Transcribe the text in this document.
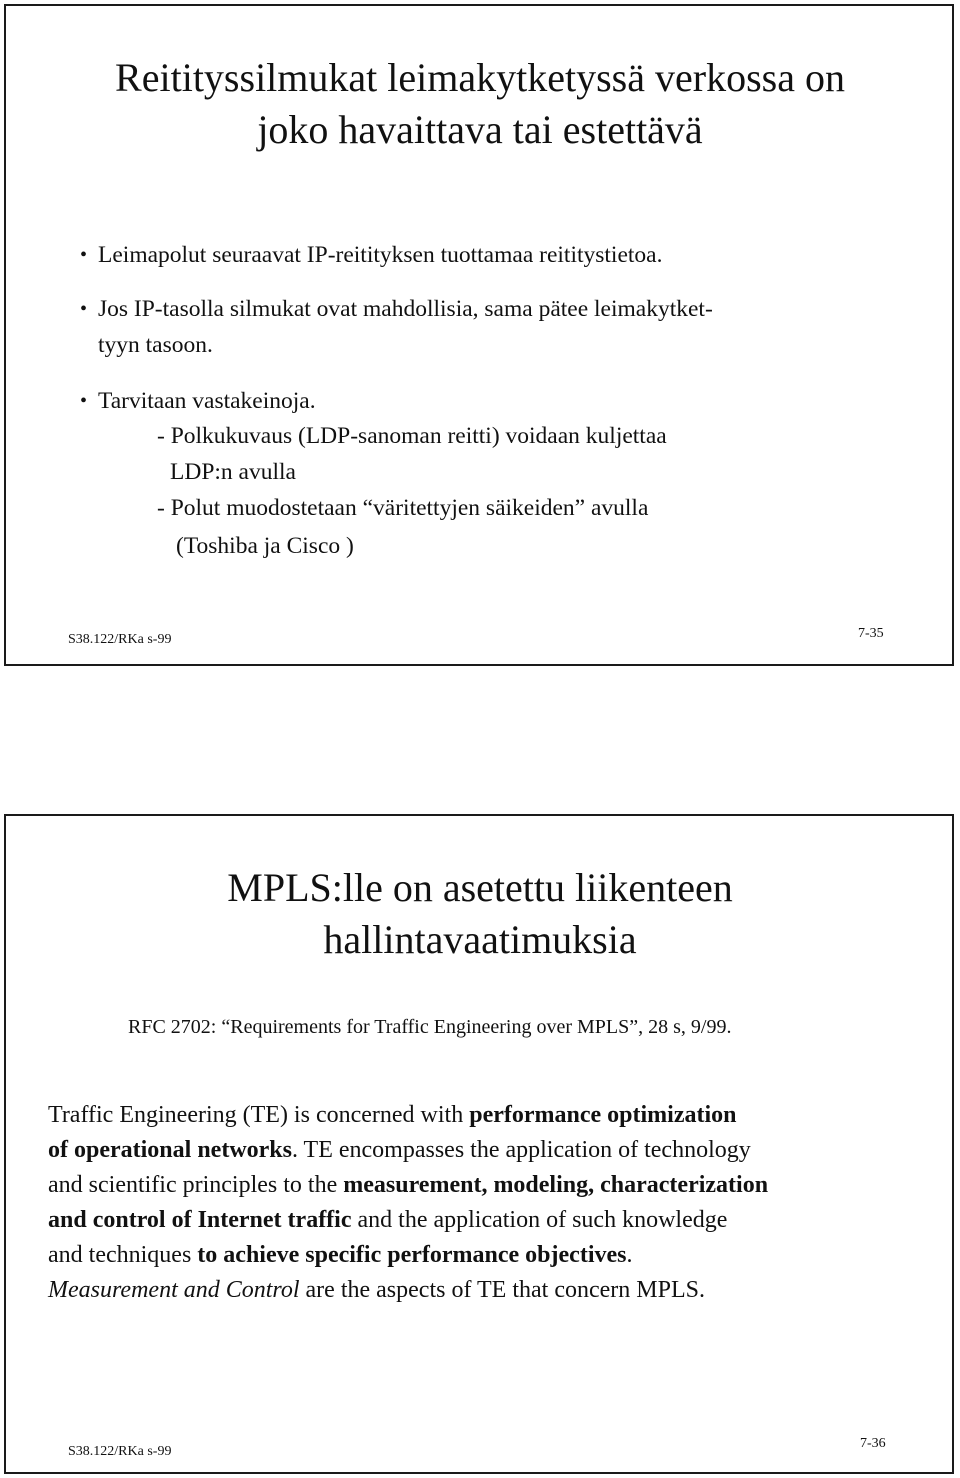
Reitityssilmukat leimakytketyssä verkossa on
joko havaittava tai estettävä
• Leimapolut seuraavat IP-reitityksen tuottamaa reititystietoa.
• Jos IP-tasolla silmukat ovat mahdollisia, sama pätee leimakytket-
tyyn tasoon.
• Tarvitaan vastakeinoja.
- Polkukuvaus (LDP-sanoman reitti) voidaan kuljettaa
LDP:n avulla
- Polut muodostetaan “väritettyjen säikeiden” avulla
(Toshiba ja Cisco )
S38.122/RKa s-99	7-35
MPLS:lle on asetettu liikenteen
hallintavaatimuksia
RFC 2702: “Requirements for Traffic Engineering over MPLS”, 28 s, 9/99.
Traffic Engineering (TE) is concerned with performance optimization
of operational networks. TE encompasses the application of technology
and scientific principles to the measurement, modeling, characterization
and control of Internet traffic and the application of such knowledge
and techniques to achieve specific performance objectives.
Measurement and Control are the aspects of TE that concern MPLS.
S38.122/RKa s-99
7-36
